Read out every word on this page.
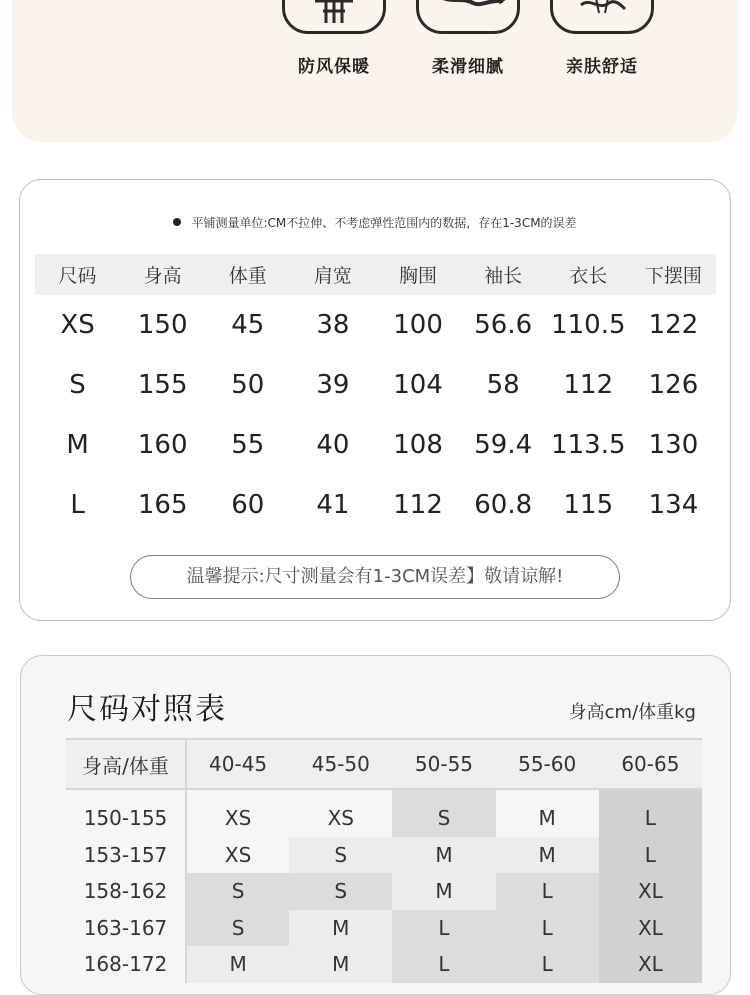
防风保暖	柔滑细腻	亲肤舒适
平铺测量单位:CM不拉伸、不考虑弹性范围内的数据，存在1-3CM的误差
尺码	身高	体重	肩宽	胸围	袖长	衣长	下摆围
XS	150	45	38	100	56.6	110.5	122
S	155	50	39	104	58	112	126
M	160	55	40	108	59.4	113.5	130
L	165	60	41	112	60.8	115	134
温馨提示:尺寸测量会有1-3CM误差】敬请谅解!
尺码对照表	身高cm/体重kg
身高/体重	40-45	45-50	50-55	55-60	60-65

150-155	XS	XS	S	M	L
153-157	XS	S	M	M	L
158-162	S	S	M	L	XL
163-167	S	M	L	L	XL
168-172	M	M	L	L	XL
